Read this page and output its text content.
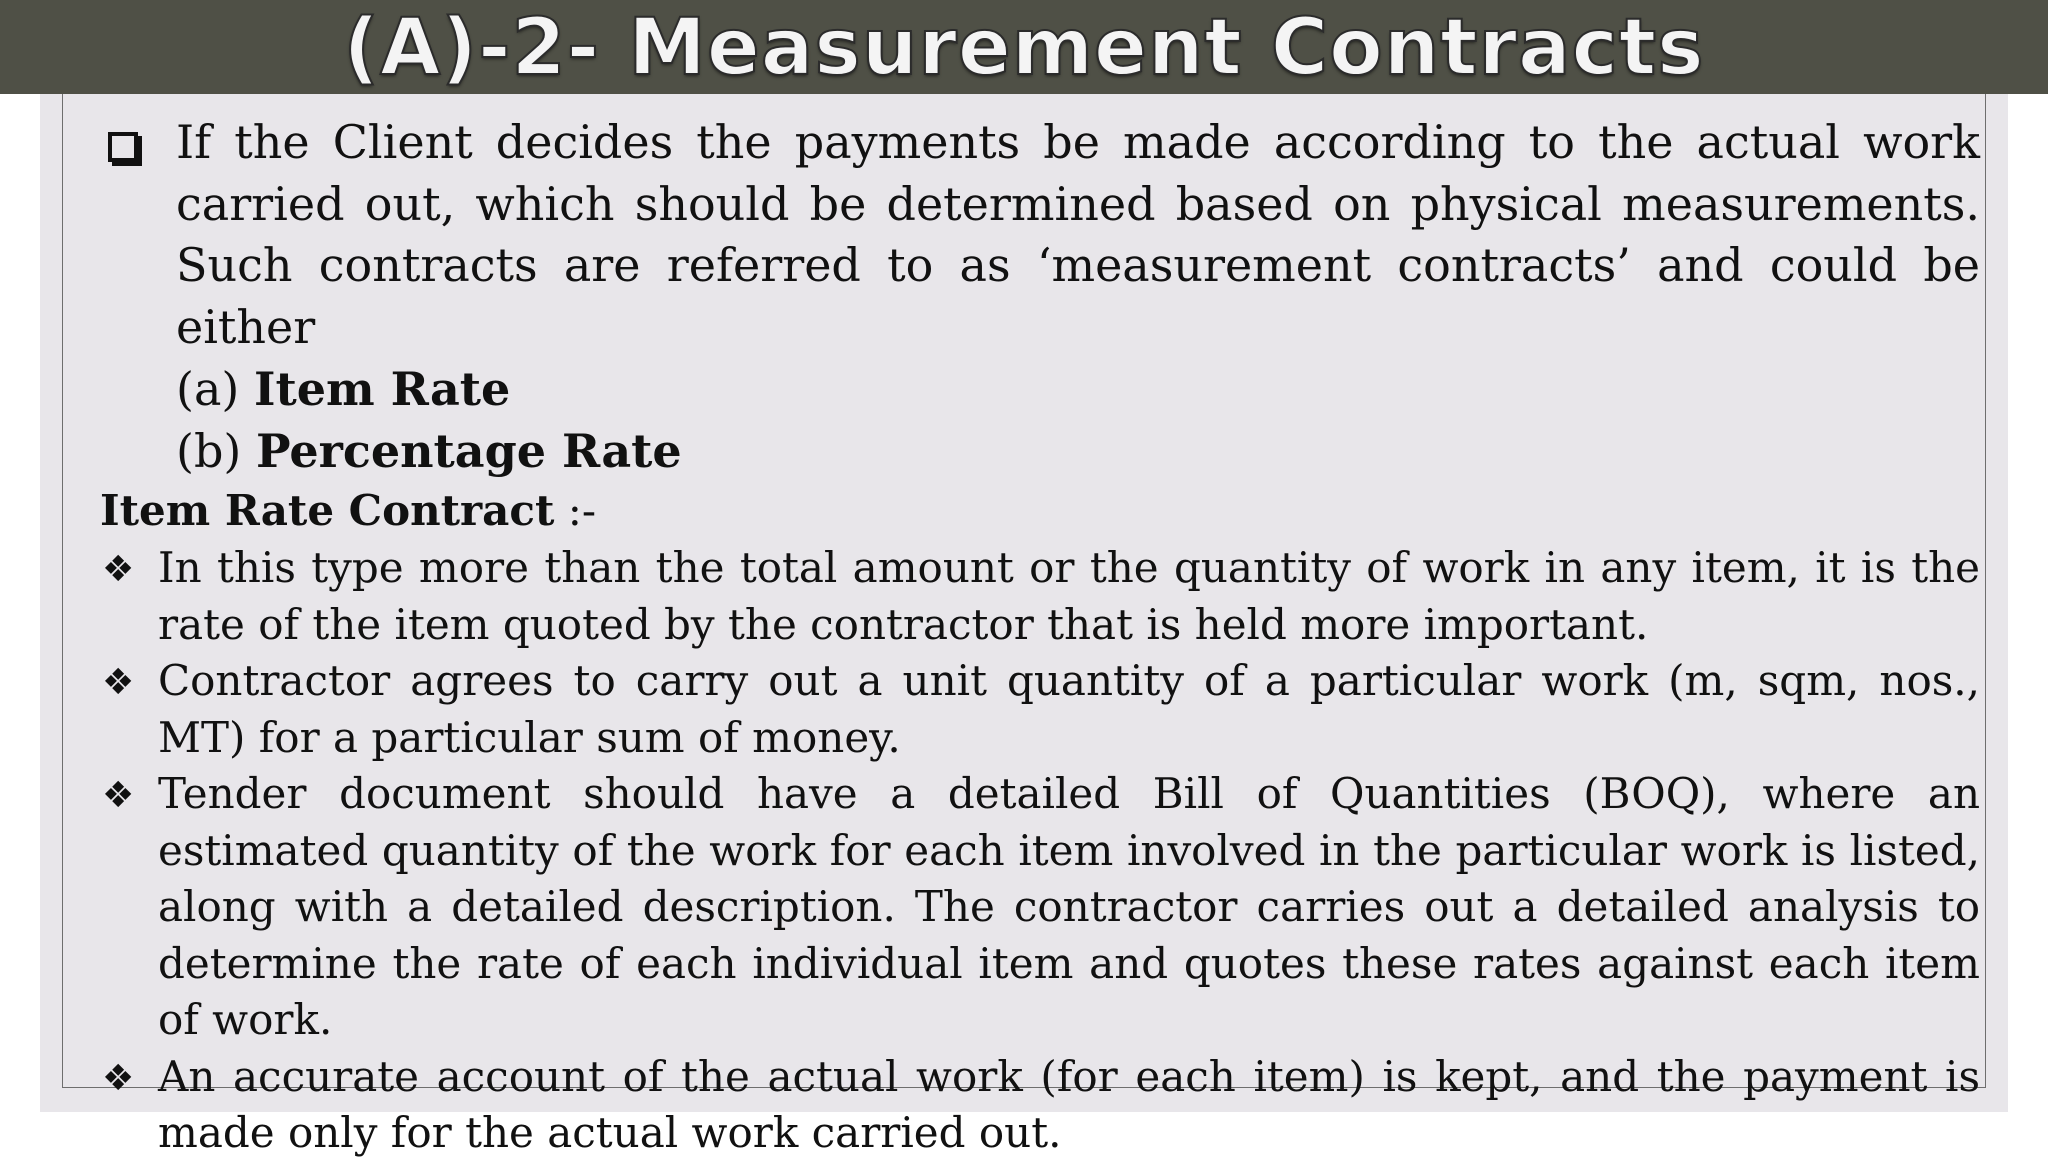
(A)-2- Measurement Contracts
If the Client decides the payments be made according to the actual work carried out, which should be determined based on physical measurements. Such contracts are referred to as ‘measurement contracts’ and could be either
(a) Item Rate
(b) Percentage Rate
Item Rate Contract :-
❖ In this type more than the total amount or the quantity of work in any item, it is the rate of the item quoted by the contractor that is held more important.
❖ Contractor agrees to carry out a unit quantity of a particular work (m, sqm, nos., MT) for a particular sum of money.
❖ Tender document should have a detailed Bill of Quantities (BOQ), where an estimated quantity of the work for each item involved in the particular work is listed, along with a detailed description. The contractor carries out a detailed analysis to determine the rate of each individual item and quotes these rates against each item of work.
❖ An accurate account of the actual work (for each item) is kept, and the payment is made only for the actual work carried out.
